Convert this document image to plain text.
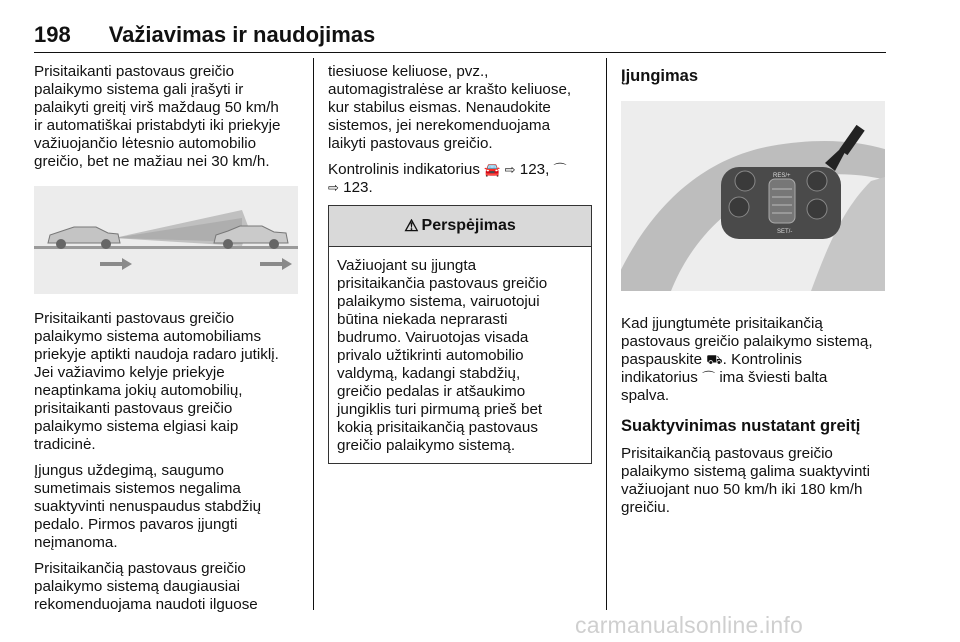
198 Važiavimas ir naudojimas

Prisitaikanti pastovaus greičio
palaikymo sistema gali įrašyti ir
palaikyti greitį virš maždaug 50 km/h
ir automatiškai pristabdyti iki priekyje
važiuojančio lėtesnio automobilio
greičio, bet ne mažiau nei 30 km/h.

Prisitaikanti pastovaus greičio
palaikymo sistema automobiliams
priekyje aptikti naudoja radaro jutiklį.
Jei važiavimo kelyje priekyje
neaptinkama jokių automobilių,
prisitaikanti pastovaus greičio
palaikymo sistema elgiasi kaip
tradicinė.

Įjungus uždegimą, saugumo
sumetimais sistemos negalima
suaktyvinti nenuspaudus stabdžių
pedalo. Pirmos pavaros įjungti
neįmanoma.

Prisitaikančią pastovaus greičio
palaikymo sistemą daugiausiai
rekomenduojama naudoti ilguose

tiesiuose keliuose, pvz.,
automagistralėse ar krašto keliuose,
kur stabilus eismas. Nenaudokite
sistemos, jei nerekomenduojama
laikyti pastovaus greičio.

Kontrolinis indikatorius 🚘 ⇨ 123, ⌒
⇨ 123.

⚠ Perspėjimas
Važiuojant su įjungta
prisitaikančia pastovaus greičio
palaikymo sistema, vairuotojui
būtina niekada neprarasti
budrumo. Vairuotojas visada
privalo užtikrinti automobilio
valdymą, kadangi stabdžių,
greičio pedalas ir atšaukimo
jungiklis turi pirmumą prieš bet
kokią prisitaikančią pastovaus
greičio palaikymo sistemą.
Įjungimas
RES/+
SET/-

Kad įjungtumėte prisitaikančią
pastovaus greičio palaikymo sistemą,
paspauskite ⛟. Kontrolinis
indikatorius ⌒ ima šviesti balta
spalva.

Suaktyvinimas nustatant greitį

Prisitaikančią pastovaus greičio
palaikymo sistemą galima suaktyvinti
važiuojant nuo 50 km/h iki 180 km/h
greičiu.

carmanualsonline.info
